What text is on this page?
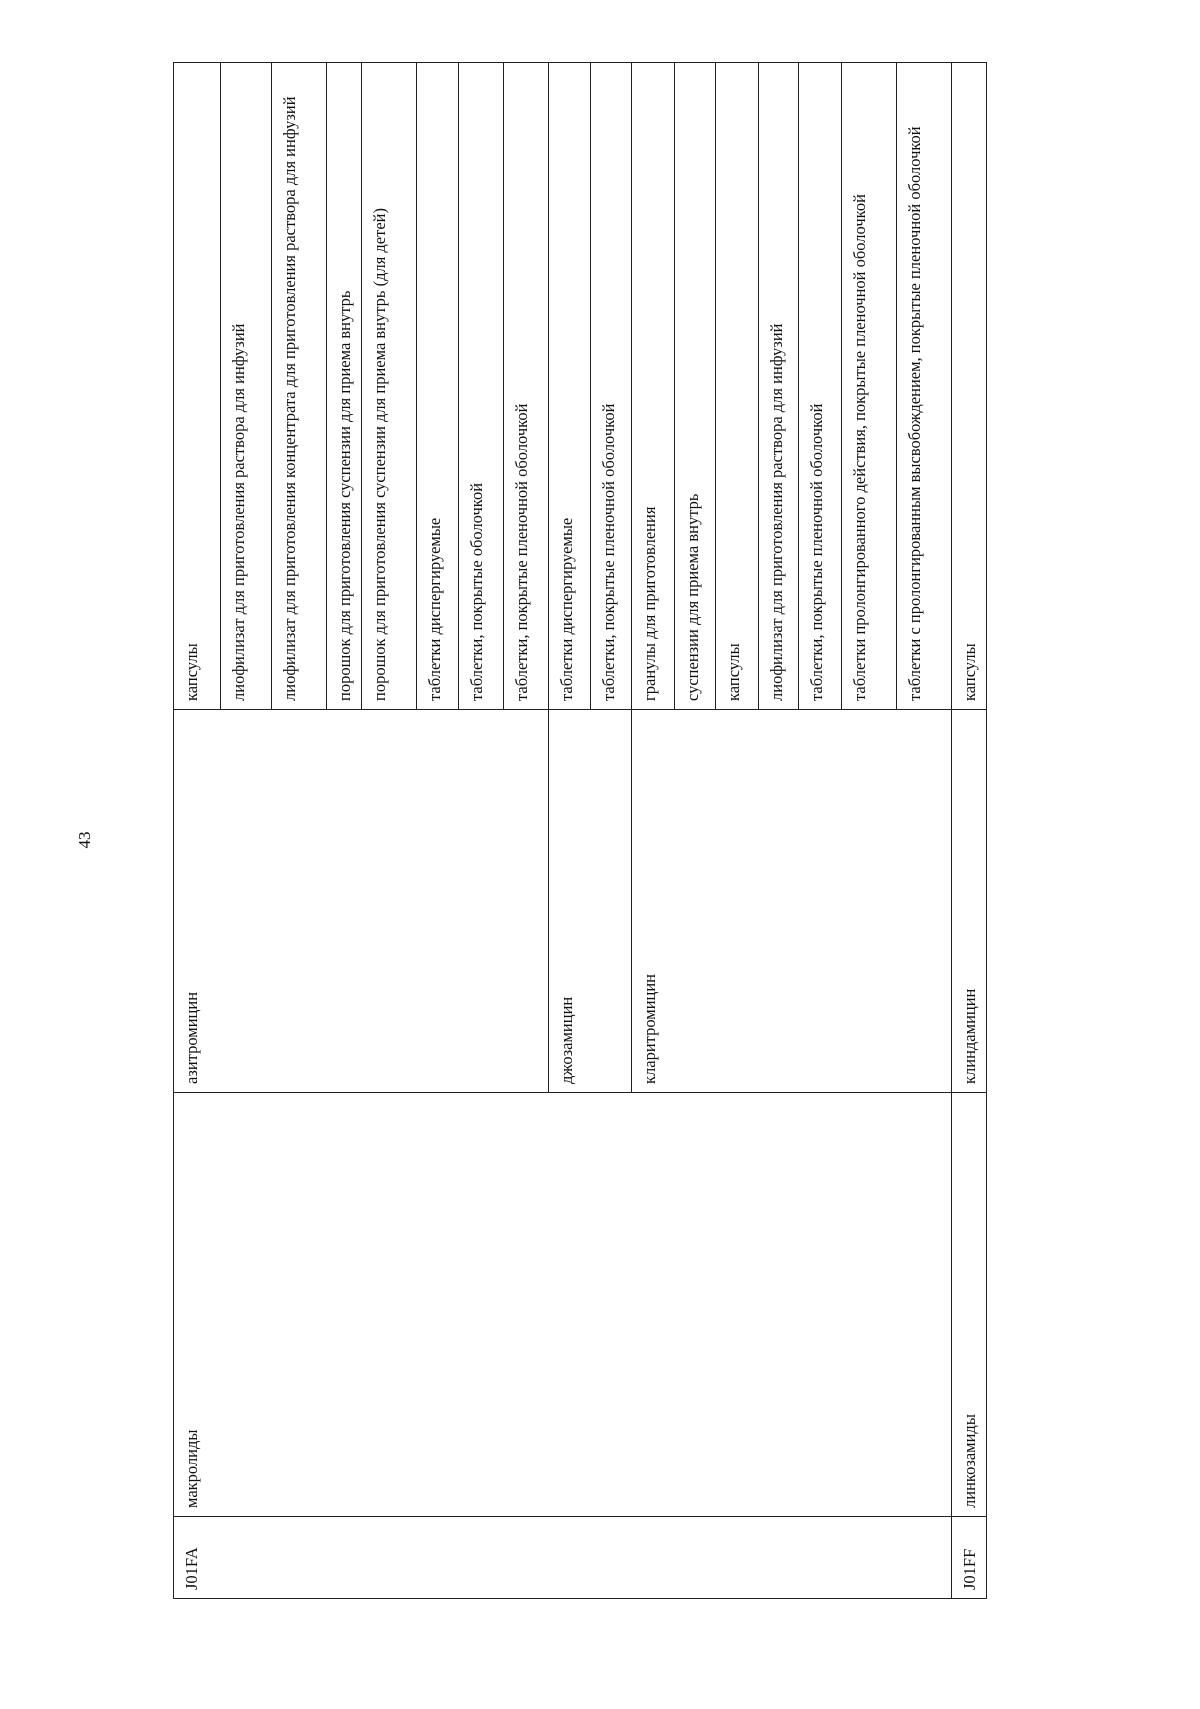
43
J01FA	макролиды	азитромицин	капсулы
			лиофилизат для приготовления раствора для инфузий
			лиофилизат для приготовления концентрата для приготовления раствора для инфузий
			порошок для приготовления суспензии для приема внутрь
			порошок для приготовления суспензии для приема внутрь (для детей)
			таблетки диспергируемые
			таблетки, покрытые оболочкой
			таблетки, покрытые пленочной оболочкой
		джозамицин	таблетки диспергируемые
			таблетки, покрытые пленочной оболочкой
		кларитромицин	гранулы для приготовления
			суспензии для приема внутрь
			капсулы
			лиофилизат для приготовления раствора для инфузий
			таблетки, покрытые пленочной оболочкой
			таблетки пролонгированного действия, покрытые пленочной оболочкой
			таблетки с пролонгированным высвобождением, покрытые пленочной оболочкой
J01FF	линкозамиды	клиндамицин	капсулы
